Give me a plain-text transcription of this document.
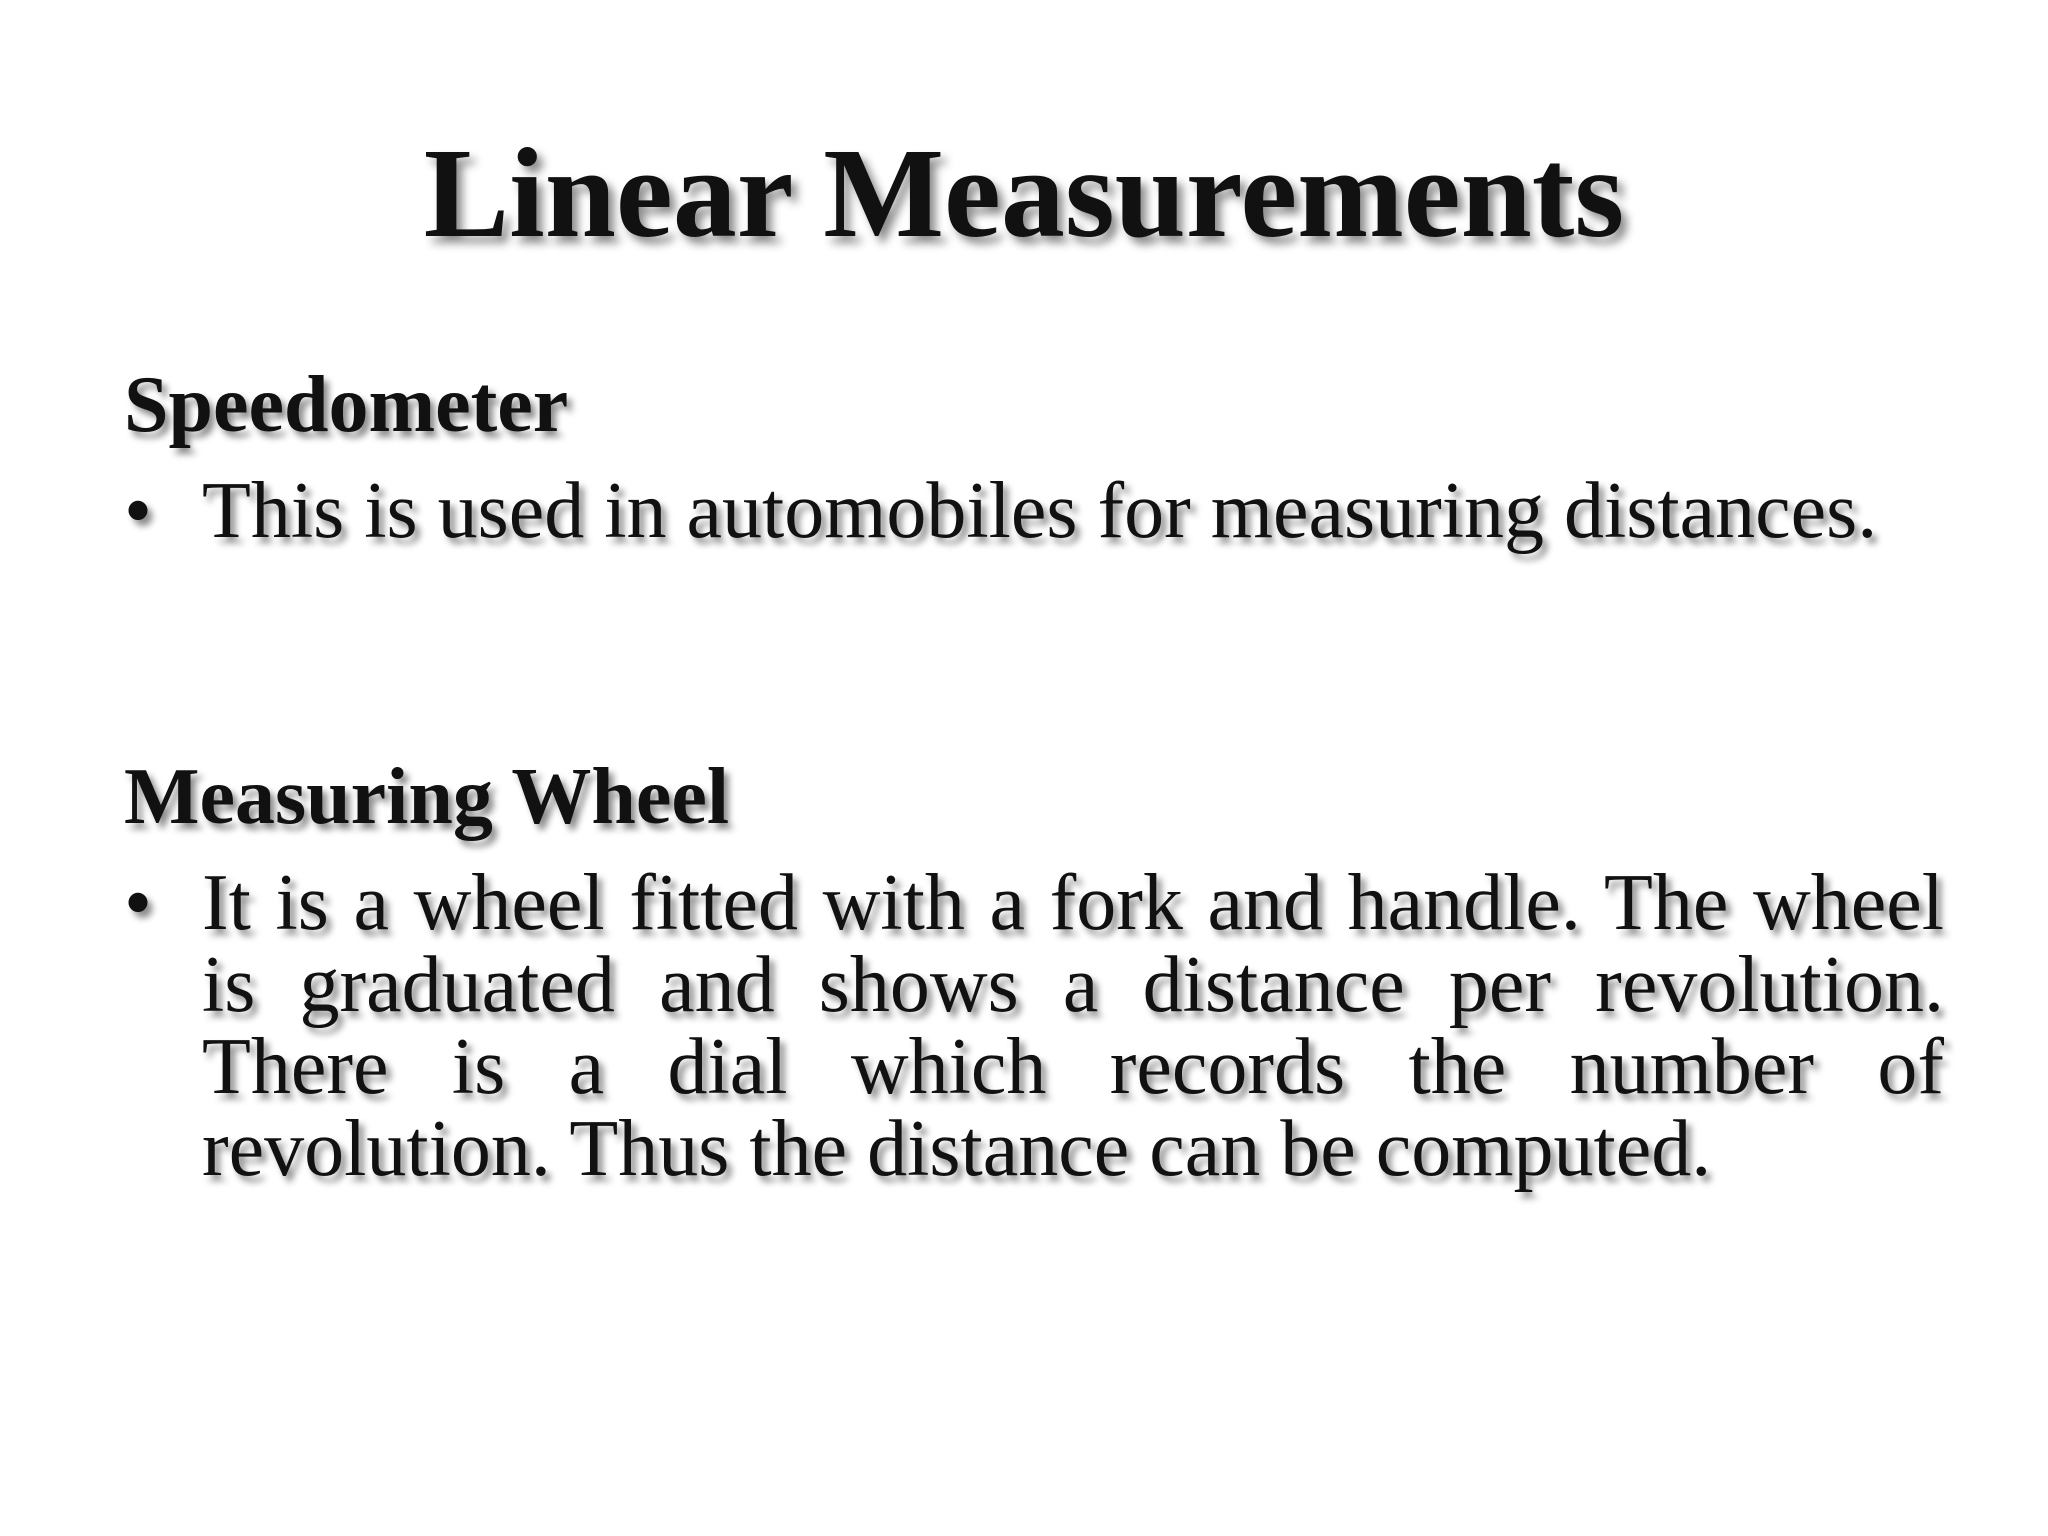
Linear Measurements
Speedometer
• This is used in automobiles for measuring distances.

Measuring Wheel
• It is a wheel fitted with a fork and handle. The wheel is graduated and shows a distance per revolution. There is a dial which records the number of revolution. Thus the distance can be computed.
